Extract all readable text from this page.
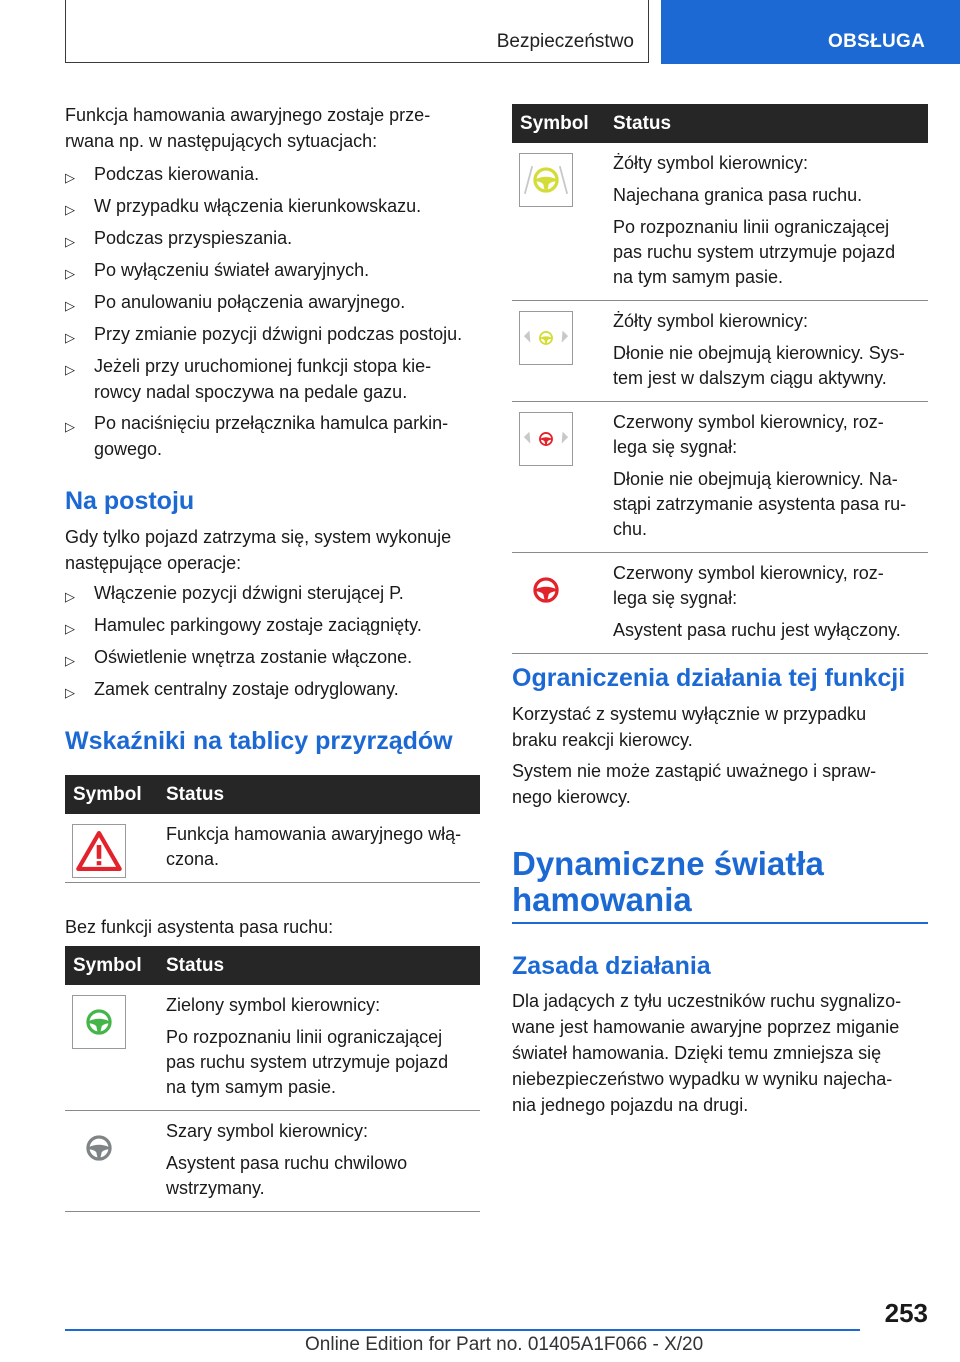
Bezpieczeństwo	OBSŁUGA

Funkcja hamowania awaryjnego zostaje prze‐
rwana np. w następujących sytuacjach:

▷ Podczas kierowania.
▷ W przypadku włączenia kierunkowskazu.
▷ Podczas przyspieszania.
▷ Po wyłączeniu świateł awaryjnych.
▷ Po anulowaniu połączenia awaryjnego.
▷ Przy zmianie pozycji dźwigni podczas postoju.
▷ Jeżeli przy uruchomionej funkcji stopa kie‐
rowcy nadal spoczywa na pedale gazu.
▷ Po naciśnięciu przełącznika hamulca parkin‐
gowego.
Na postoju

Gdy tylko pojazd zatrzyma się, system wykonuje
następujące operacje:

▷ Włączenie pozycji dźwigni sterującej P.
▷ Hamulec parkingowy zostaje zaciągnięty.
▷ Oświetlenie wnętrza zostanie włączone.
▷ Zamek centralny zostaje odryglowany.
Wskaźniki na tablicy przyrządów
Symbol	Status

Funkcja hamowania awaryjnego włą‐
czona.

Bez funkcji asystenta pasa ruchu:

Symbol	Status

Zielony symbol kierownicy:
Po rozpoznaniu linii ograniczającej
pas ruchu system utrzymuje pojazd
na tym samym pasie.

Szary symbol kierownicy:
Asystent pasa ruchu chwilowo
wstrzymany.
Symbol	Status

Żółty symbol kierownicy:
Najechana granica pasa ruchu.
Po rozpoznaniu linii ograniczającej
pas ruchu system utrzymuje pojazd
na tym samym pasie.

Żółty symbol kierownicy:
Dłonie nie obejmują kierownicy. Sys‐
tem jest w dalszym ciągu aktywny.

Czerwony symbol kierownicy, roz‐
lega się sygnał:
Dłonie nie obejmują kierownicy. Na‐
stąpi zatrzymanie asystenta pasa ru‐
chu.

Czerwony symbol kierownicy, roz‐
lega się sygnał:
Asystent pasa ruchu jest wyłączony.
Ograniczenia działania tej funkcji

Korzystać z systemu wyłącznie w przypadku
braku reakcji kierowcy.

System nie może zastąpić uważnego i spraw‐
nego kierowcy.

Dynamiczne światła
hamowania
Zasada działania

Dla jadących z tyłu uczestników ruchu sygnalizo‐
wane jest hamowanie awaryjne poprzez miganie
świateł hamowania. Dzięki temu zmniejsza się
niebezpieczeństwo wypadku w wyniku najecha‐
nia jednego pojazdu na drugi.

253
Online Edition for Part no. 01405A1F066 - X/20
